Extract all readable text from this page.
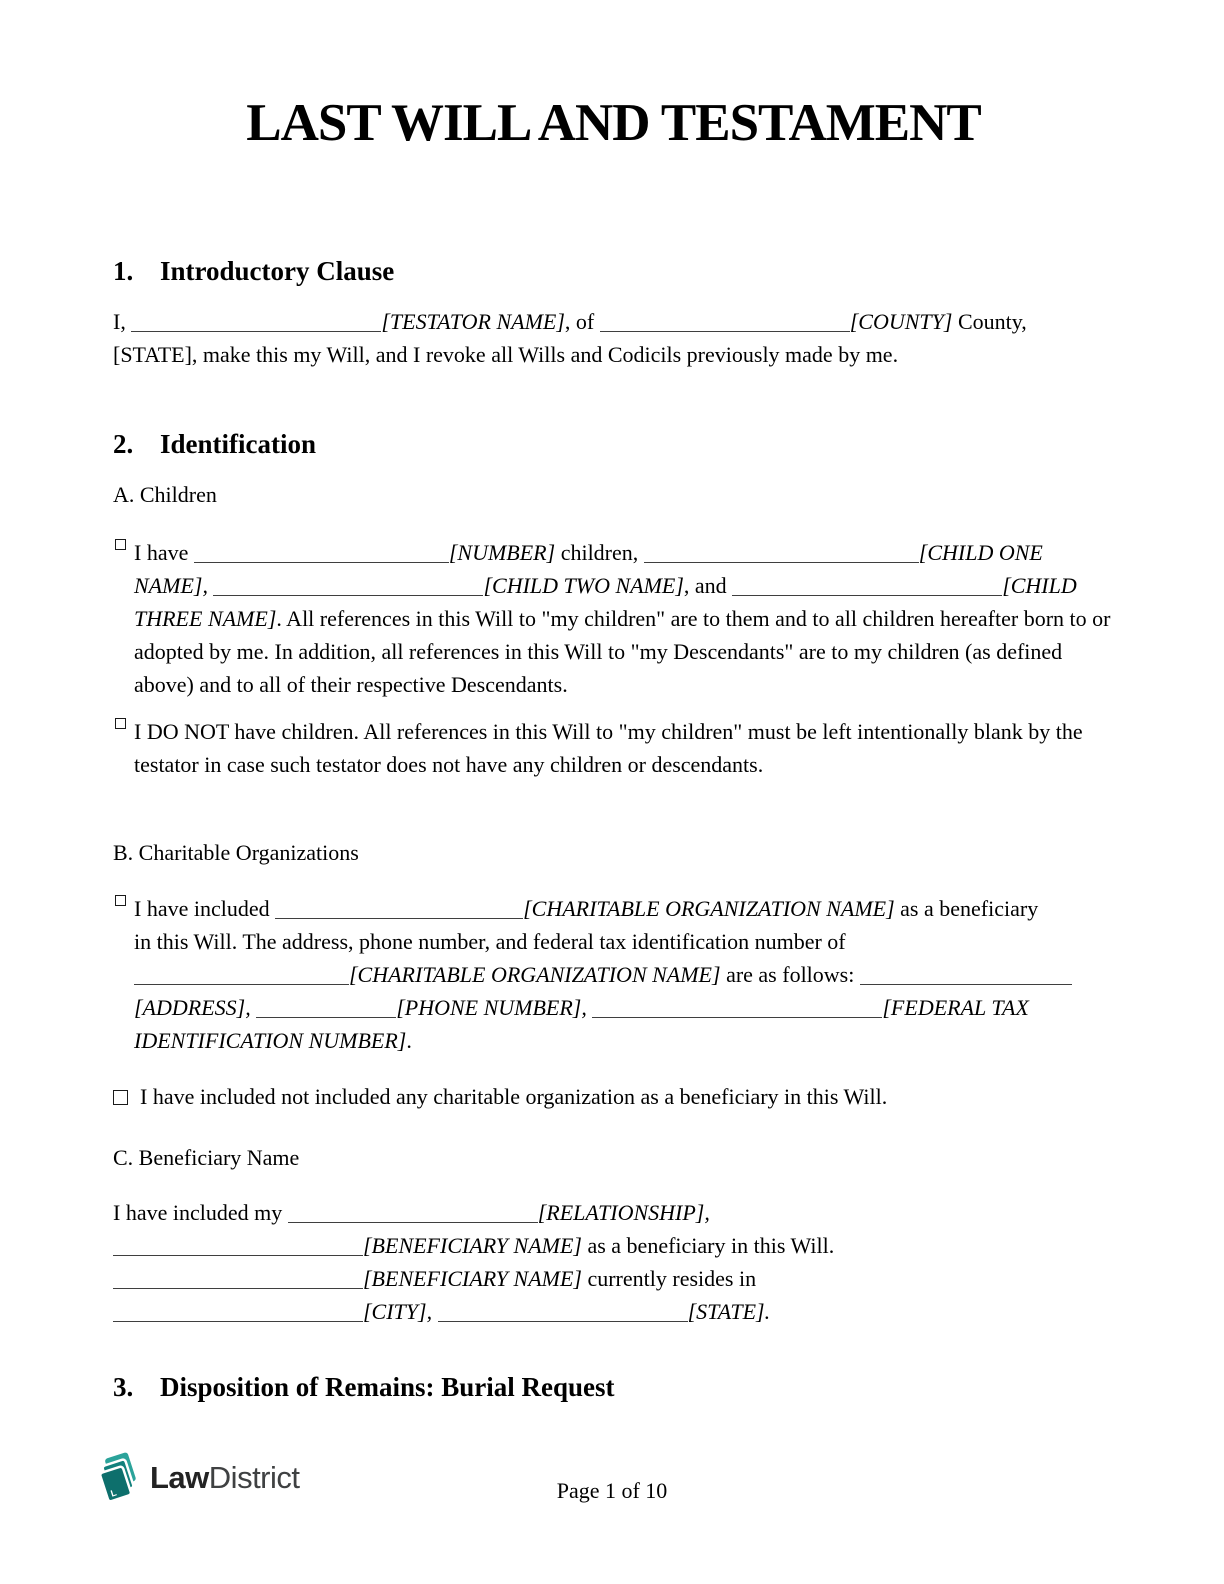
LAST WILL AND TESTAMENT
1. Introductory Clause
I,	[TESTATOR NAME], of	[COUNTY] County,
[STATE], make this my Will, and I revoke all Wills and Codicils previously made by me.
2. Identification
A. Children
I have	[NUMBER] children,	[CHILD ONE
NAME],	[CHILD TWO NAME], and	[CHILD
THREE NAME]. All references in this Will to "my children" are to them and to all children hereafter born to or adopted by me. In addition, all references in this Will to "my Descendants" are to my children (as defined above) and to all of their respective Descendants.
I DO NOT have children. All references in this Will to "my children" must be left intentionally blank by the testator in case such testator does not have any children or descendants.
B. Charitable Organizations
I have included	[CHARITABLE ORGANIZATION NAME] as a beneficiary
in this Will. The address, phone number, and federal tax identification number of
[CHARITABLE ORGANIZATION NAME] are as follows:
[ADDRESS],	[PHONE NUMBER],	[FEDERAL TAX
IDENTIFICATION NUMBER].
I have included not included any charitable organization as a beneficiary in this Will.
C. Beneficiary Name
I have included my	[RELATIONSHIP],
[BENEFICIARY NAME] as a beneficiary in this Will.
[BENEFICIARY NAME] currently resides in
[CITY],	[STATE].
3. Disposition of Remains: Burial Request
L LawDistrict	Page 1 of 10
